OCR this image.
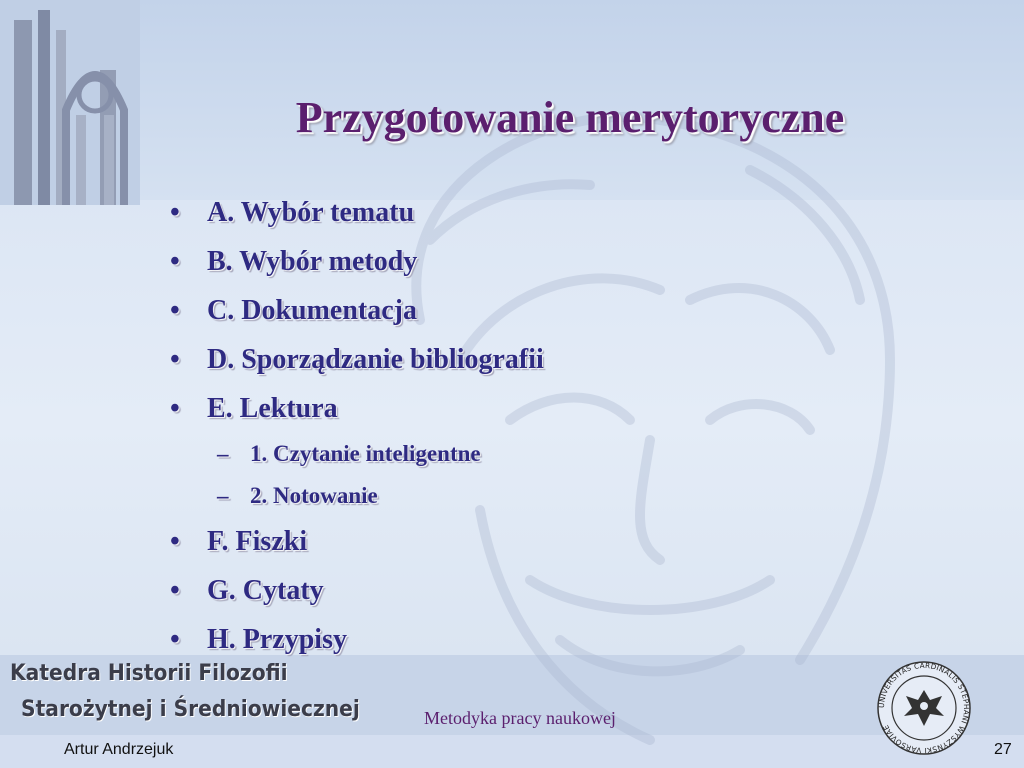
Przygotowanie merytoryczne
• A. Wybór tematu
• B. Wybór metody
• C. Dokumentacja
• D. Sporządzanie bibliografii
• E. Lektura
– 1. Czytanie inteligentne
– 2. Notowanie
• F. Fiszki
• G. Cytaty
• H. Przypisy
Katedra Historii Filozofii
Starożytnej i Średniowiecznej	Metodyka pracy naukowej
Artur Andrzejuk	27
UNIVERSITAS CARDINALIS STEPHANI WYSZYNSKI VARSOVIAE
